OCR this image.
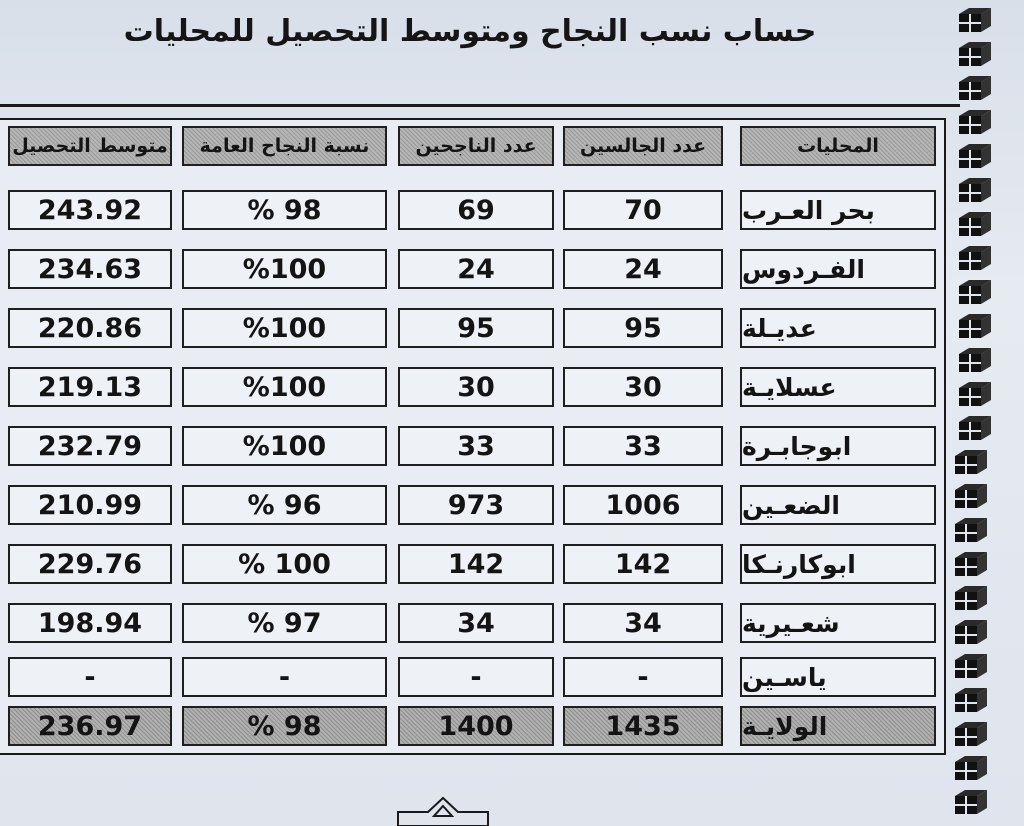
حساب نسب النجاح ومتوسط التحصيل للمحليات
المحليات
عدد الجالسين
عدد الناجحين
نسبة النجاح العامة
متوسط التحصيل
بحر العـرب
70
69
% 98
243.92
الفـردوس
24
24
%100
234.63
عديـلة
95
95
%100
220.86
عسلايـة
30
30
%100
219.13
ابوجابـرة
33
33
%100
232.79
الضعـين
1006
973
% 96
210.99
ابوكارنـكا
142
142
% 100
229.76
شعـيرية
34
34
% 97
198.94
ياسـين
-
-
-
-
الولايـة
1435
1400
% 98
236.97
